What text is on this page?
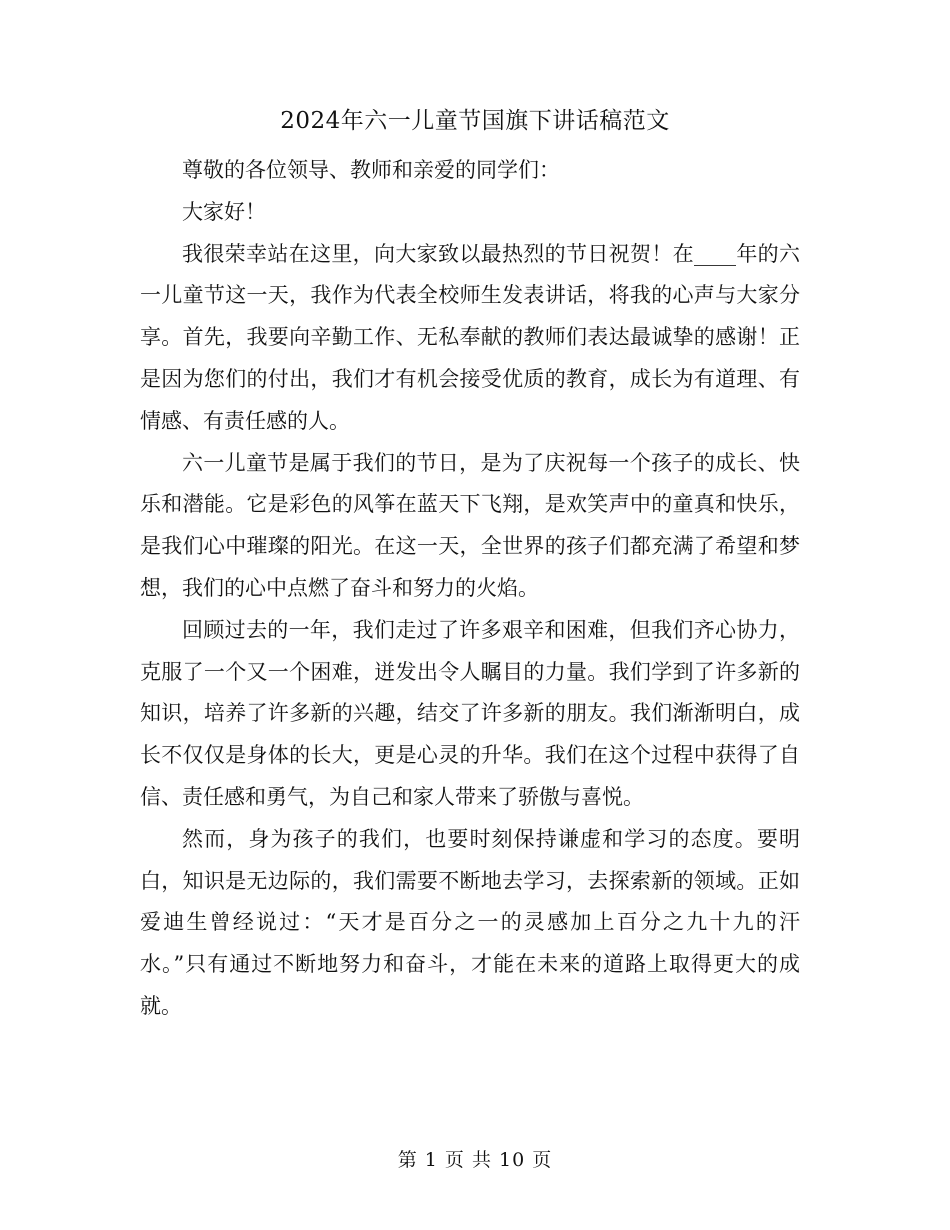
2024年六一儿童节国旗下讲话稿范文

尊敬的各位领导、教师和亲爱的同学们：

大家好！

我很荣幸站在这里，向大家致以最热烈的节日祝贺！在____年的六一儿童节这一天，我作为代表全校师生发表讲话，将我的心声与大家分享。首先，我要向辛勤工作、无私奉献的教师们表达最诚挚的感谢！正是因为您们的付出，我们才有机会接受优质的教育，成长为有道理、有情感、有责任感的人。

六一儿童节是属于我们的节日，是为了庆祝每一个孩子的成长、快乐和潜能。它是彩色的风筝在蓝天下飞翔，是欢笑声中的童真和快乐，是我们心中璀璨的阳光。在这一天，全世界的孩子们都充满了希望和梦想，我们的心中点燃了奋斗和努力的火焰。

回顾过去的一年，我们走过了许多艰辛和困难，但我们齐心协力，克服了一个又一个困难，迸发出令人瞩目的力量。我们学到了许多新的知识，培养了许多新的兴趣，结交了许多新的朋友。我们渐渐明白，成长不仅仅是身体的长大，更是心灵的升华。我们在这个过程中获得了自信、责任感和勇气，为自己和家人带来了骄傲与喜悦。

然而，身为孩子的我们，也要时刻保持谦虚和学习的态度。要明白，知识是无边际的，我们需要不断地去学习，去探索新的领域。正如爱迪生曾经说过：“天才是百分之一的灵感加上百分之九十九的汗水。”只有通过不断地努力和奋斗，才能在未来的道路上取得更大的成就。

第 1 页 共 10 页
